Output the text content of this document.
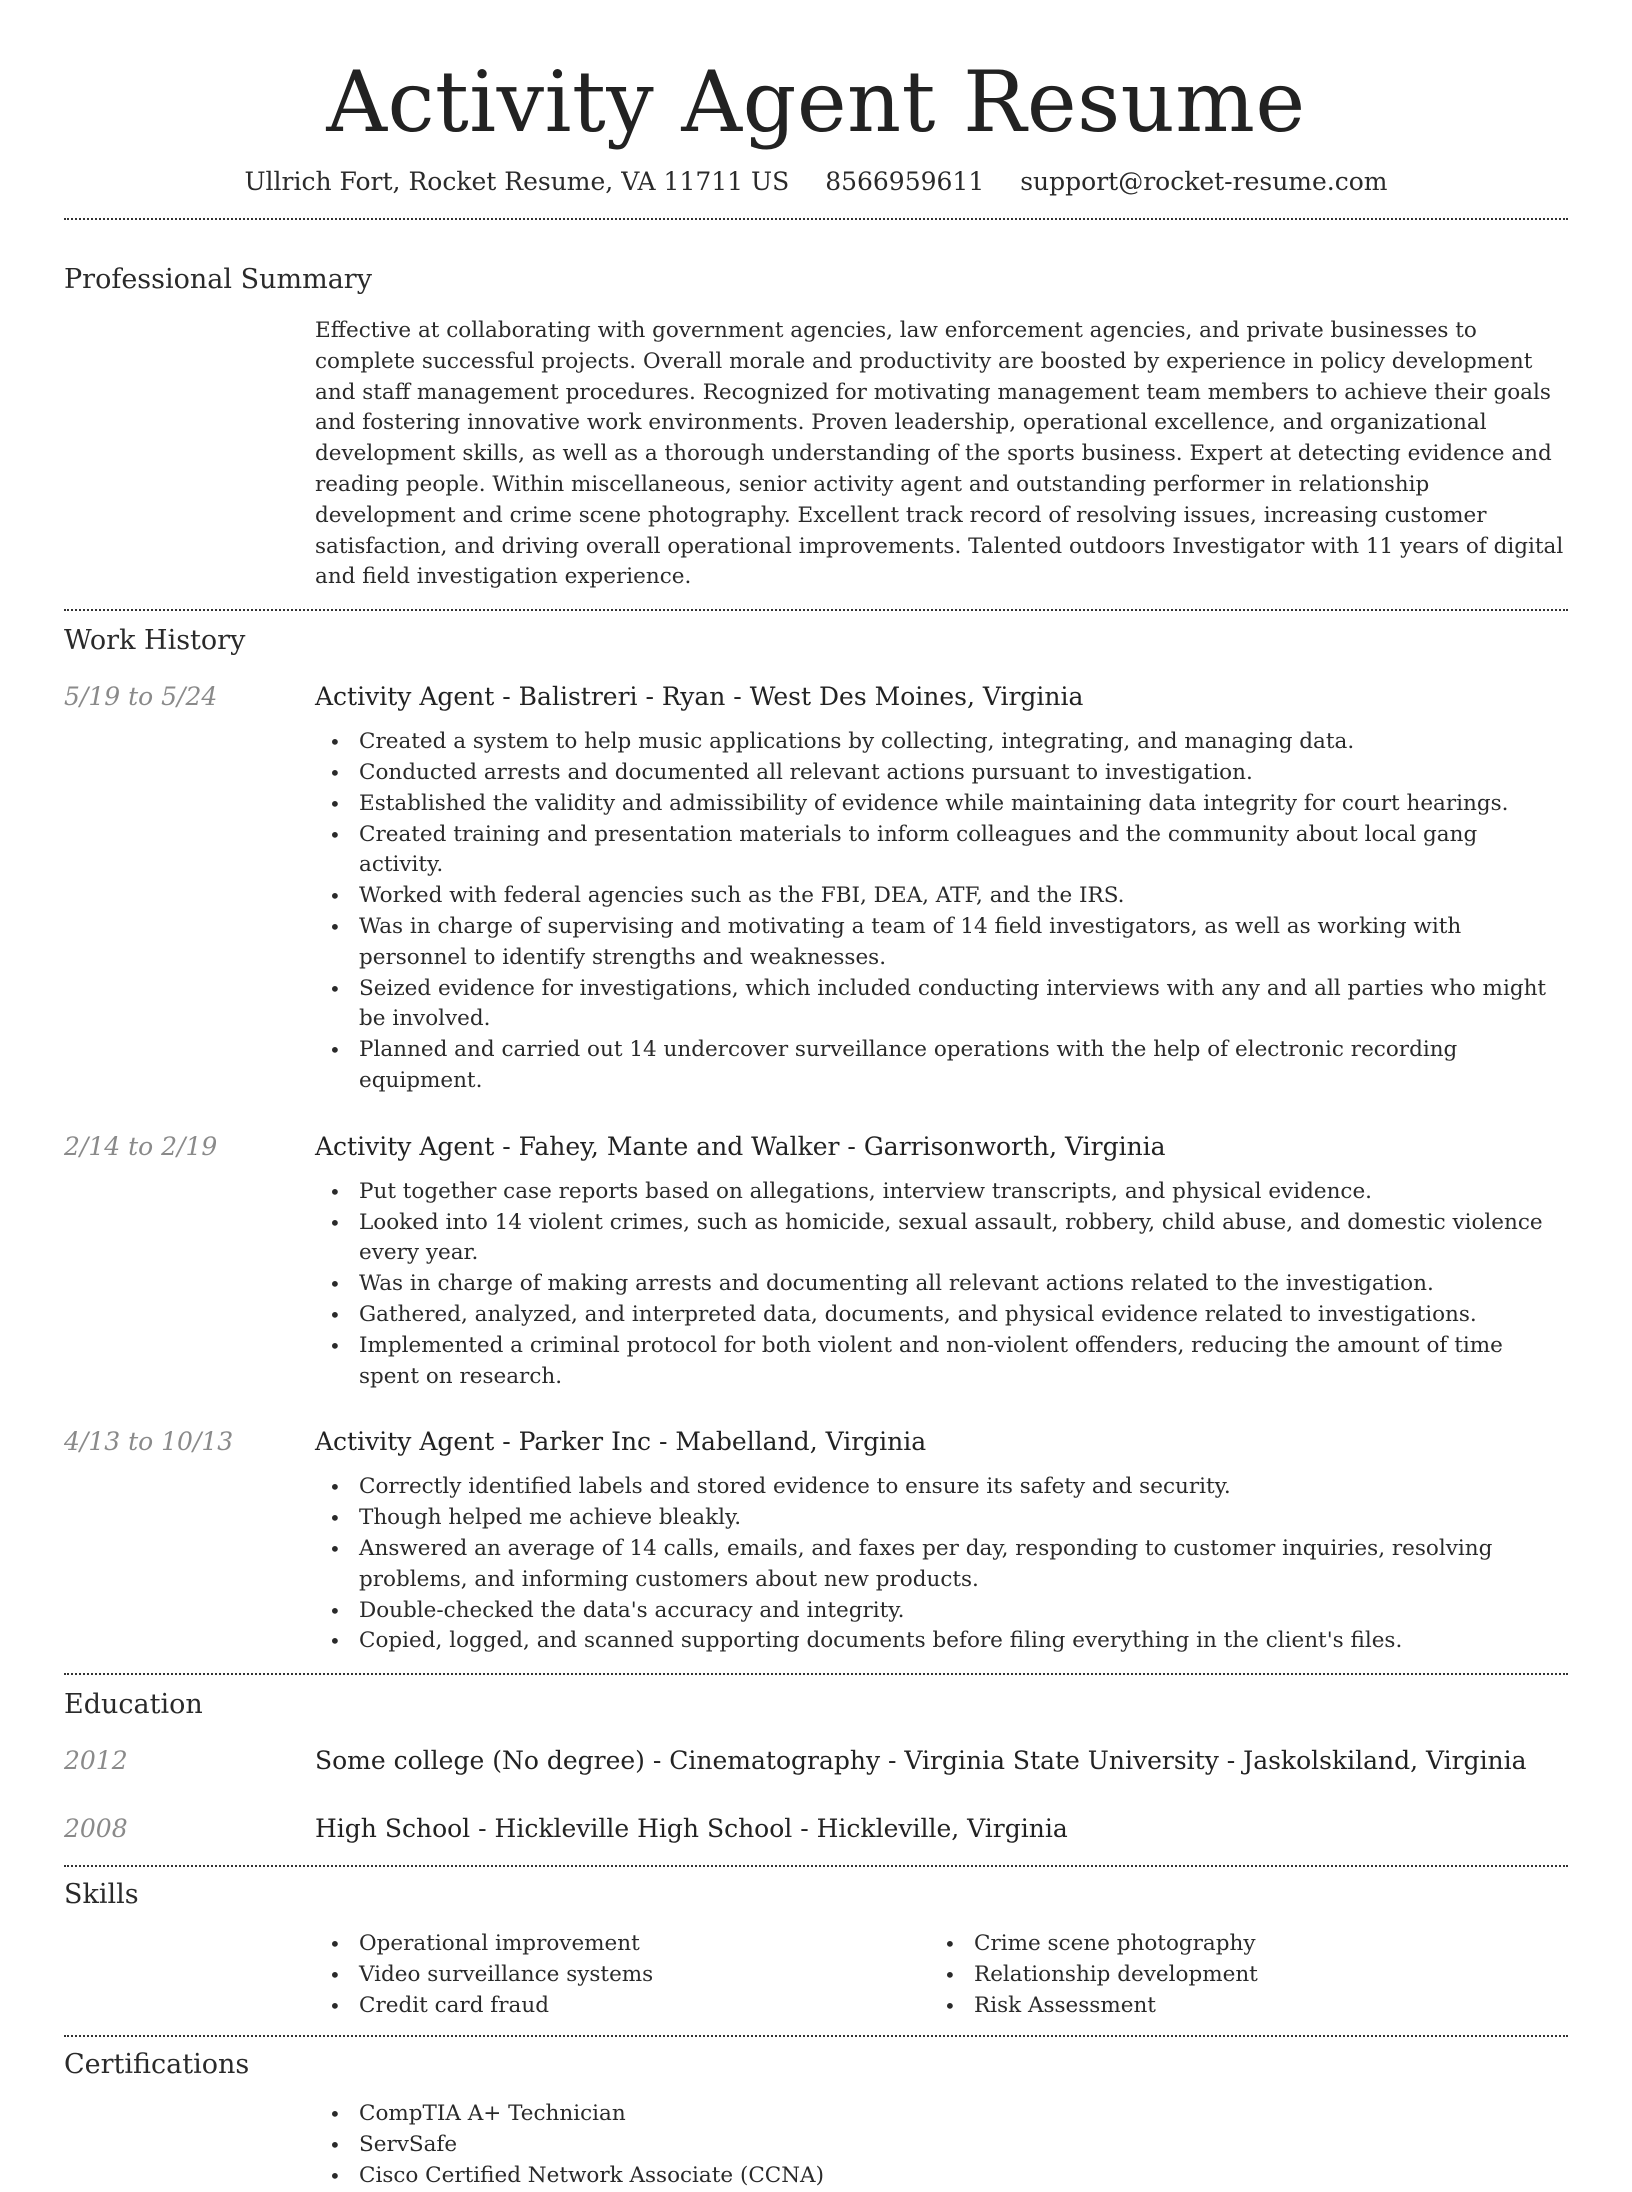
Activity Agent Resume
Ullrich Fort, Rocket Resume, VA 11711 US 8566959611 support@rocket-resume.com
Professional Summary

Effective at collaborating with government agencies, law enforcement agencies, and private businesses to complete successful projects. Overall morale and productivity are boosted by experience in policy development and staff management procedures. Recognized for motivating management team members to achieve their goals and fostering innovative work environments. Proven leadership, operational excellence, and organizational development skills, as well as a thorough understanding of the sports business. Expert at detecting evidence and reading people. Within miscellaneous, senior activity agent and outstanding performer in relationship development and crime scene photography. Excellent track record of resolving issues, increasing customer satisfaction, and driving overall operational improvements. Talented outdoors Investigator with 11 years of digital and field investigation experience.

Work History
5/19 to 5/24	Activity Agent - Balistreri - Ryan - West Des Moines, Virginia
• Created a system to help music applications by collecting, integrating, and managing data.
• Conducted arrests and documented all relevant actions pursuant to investigation.
• Established the validity and admissibility of evidence while maintaining data integrity for court hearings.
• Created training and presentation materials to inform colleagues and the community about local gang activity.
• Worked with federal agencies such as the FBI, DEA, ATF, and the IRS.
• Was in charge of supervising and motivating a team of 14 field investigators, as well as working with personnel to identify strengths and weaknesses.
• Seized evidence for investigations, which included conducting interviews with any and all parties who might be involved.
• Planned and carried out 14 undercover surveillance operations with the help of electronic recording equipment.
2/14 to 2/19	Activity Agent - Fahey, Mante and Walker - Garrisonworth, Virginia
• Put together case reports based on allegations, interview transcripts, and physical evidence.
• Looked into 14 violent crimes, such as homicide, sexual assault, robbery, child abuse, and domestic violence every year.
• Was in charge of making arrests and documenting all relevant actions related to the investigation.
• Gathered, analyzed, and interpreted data, documents, and physical evidence related to investigations.
• Implemented a criminal protocol for both violent and non-violent offenders, reducing the amount of time spent on research.
4/13 to 10/13	Activity Agent - Parker Inc - Mabelland, Virginia
• Correctly identified labels and stored evidence to ensure its safety and security.
• Though helped me achieve bleakly.
• Answered an average of 14 calls, emails, and faxes per day, responding to customer inquiries, resolving problems, and informing customers about new products.
• Double-checked the data's accuracy and integrity.
• Copied, logged, and scanned supporting documents before filing everything in the client's files.
Education
2012	Some college (No degree) - Cinematography - Virginia State University - Jaskolskiland, Virginia
2008	High School - Hickleville High School - Hickleville, Virginia
Skills
• Operational improvement
• Video surveillance systems
• Credit card fraud
• Crime scene photography
• Relationship development
• Risk Assessment
Certifications
• CompTIA A+ Technician
• ServSafe
• Cisco Certified Network Associate (CCNA)
